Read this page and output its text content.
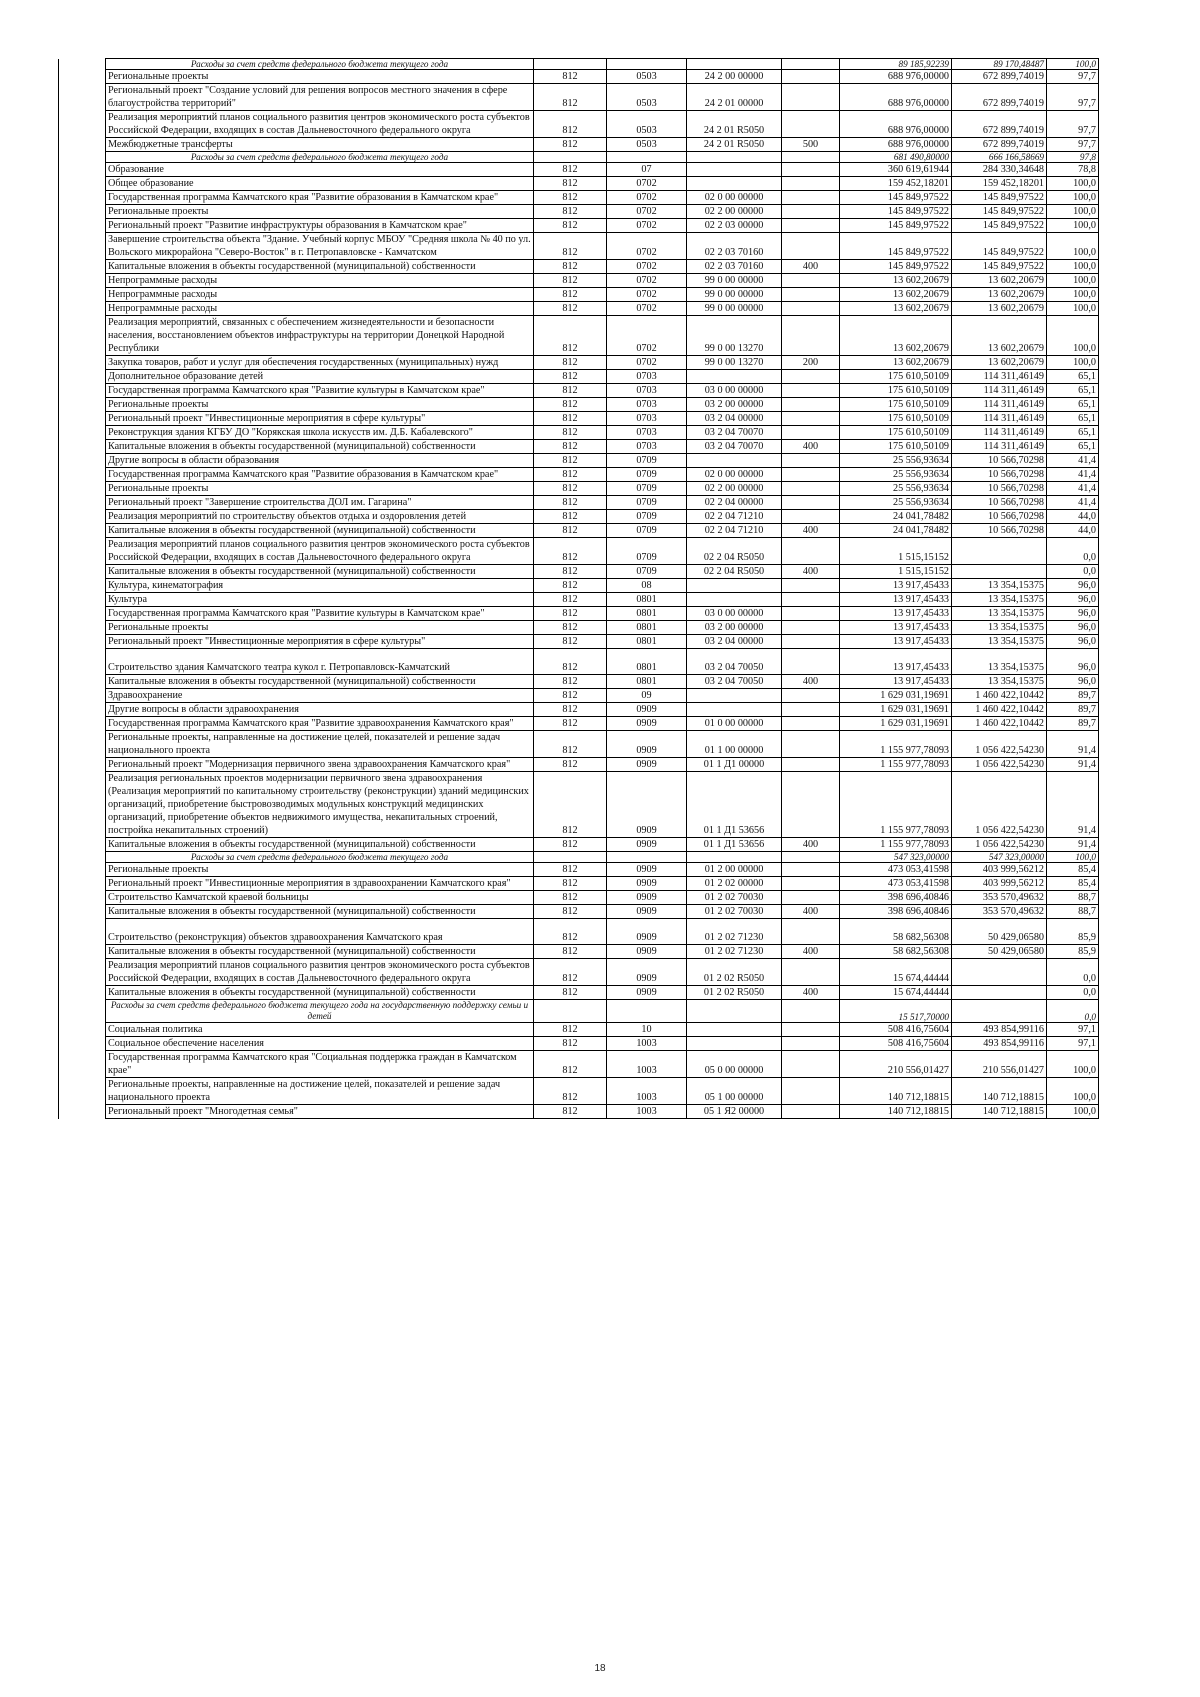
	Расходы за счет средств федерального бюджета текущего года					89 185,92239	89 170,48487	100,0
	Региональные проекты	812	0503	24 2 00 00000		688 976,00000	672 899,74019	97,7
	Региональный проект "Создание условий для решения вопросов местного значения в сфере благоустройства территорий"	812	0503	24 2 01 00000		688 976,00000	672 899,74019	97,7
	Реализация мероприятий планов социального развития центров экономического роста субъектов Российской Федерации, входящих в состав Дальневосточного федерального округа	812	0503	24 2 01 R5050		688 976,00000	672 899,74019	97,7
	Межбюджетные трансферты	812	0503	24 2 01 R5050	500	688 976,00000	672 899,74019	97,7
	Расходы за счет средств федерального бюджета текущего года					681 490,80000	666 166,58669	97,8
	Образование	812	07			360 619,61944	284 330,34648	78,8
	Общее образование	812	0702			159 452,18201	159 452,18201	100,0
	Государственная программа Камчатского края "Развитие образования в Камчатском крае"	812	0702	02 0 00 00000		145 849,97522	145 849,97522	100,0
	Региональные проекты	812	0702	02 2 00 00000		145 849,97522	145 849,97522	100,0
	Региональный проект "Развитие инфраструктуры образования в Камчатском крае"	812	0702	02 2 03 00000		145 849,97522	145 849,97522	100,0
	Завершение строительства объекта "Здание. Учебный корпус МБОУ "Средняя школа № 40 по ул. Вольского микрорайона "Северо-Восток" в г. Петропавловске - Камчатском	812	0702	02 2 03 70160		145 849,97522	145 849,97522	100,0
	Капитальные вложения в объекты государственной (муниципальной) собственности	812	0702	02 2 03 70160	400	145 849,97522	145 849,97522	100,0
	Непрограммные расходы	812	0702	99 0 00 00000		13 602,20679	13 602,20679	100,0
	Непрограммные расходы	812	0702	99 0 00 00000		13 602,20679	13 602,20679	100,0
	Непрограммные расходы	812	0702	99 0 00 00000		13 602,20679	13 602,20679	100,0
	Реализация мероприятий, связанных с обеспечением жизнедеятельности и безопасности населения, восстановлением объектов инфраструктуры на территории Донецкой Народной Республики	812	0702	99 0 00 13270		13 602,20679	13 602,20679	100,0
	Закупка товаров, работ и услуг для обеспечения государственных (муниципальных) нужд	812	0702	99 0 00 13270	200	13 602,20679	13 602,20679	100,0
	Дополнительное образование детей	812	0703			175 610,50109	114 311,46149	65,1
	Государственная программа Камчатского края "Развитие культуры в Камчатском крае"	812	0703	03 0 00 00000		175 610,50109	114 311,46149	65,1
	Региональные проекты	812	0703	03 2 00 00000		175 610,50109	114 311,46149	65,1
	Региональный проект "Инвестиционные мероприятия в сфере культуры"	812	0703	03 2 04 00000		175 610,50109	114 311,46149	65,1
	Реконструкция здания КГБУ ДО "Корякская школа искусств им. Д.Б. Кабалевского"	812	0703	03 2 04 70070		175 610,50109	114 311,46149	65,1
	Капитальные вложения в объекты государственной (муниципальной) собственности	812	0703	03 2 04 70070	400	175 610,50109	114 311,46149	65,1
	Другие вопросы в области образования	812	0709			25 556,93634	10 566,70298	41,4
	Государственная программа Камчатского края "Развитие образования в Камчатском крае"	812	0709	02 0 00 00000		25 556,93634	10 566,70298	41,4
	Региональные проекты	812	0709	02 2 00 00000		25 556,93634	10 566,70298	41,4
	Региональный проект "Завершение строительства ДОЛ им. Гагарина"	812	0709	02 2 04 00000		25 556,93634	10 566,70298	41,4
	Реализация мероприятий по строительству объектов отдыха и оздоровления детей	812	0709	02 2 04 71210		24 041,78482	10 566,70298	44,0
	Капитальные вложения в объекты государственной (муниципальной) собственности	812	0709	02 2 04 71210	400	24 041,78482	10 566,70298	44,0
	Реализация мероприятий планов социального развития центров экономического роста субъектов Российской Федерации, входящих в состав Дальневосточного федерального округа	812	0709	02 2 04 R5050		1 515,15152		0,0
	Капитальные вложения в объекты государственной (муниципальной) собственности	812	0709	02 2 04 R5050	400	1 515,15152		0,0
	Культура, кинематография	812	08			13 917,45433	13 354,15375	96,0
	Культура	812	0801			13 917,45433	13 354,15375	96,0
	Государственная программа Камчатского края "Развитие культуры в Камчатском крае"	812	0801	03 0 00 00000		13 917,45433	13 354,15375	96,0
	Региональные проекты	812	0801	03 2 00 00000		13 917,45433	13 354,15375	96,0
	Региональный проект "Инвестиционные мероприятия в сфере культуры"	812	0801	03 2 04 00000		13 917,45433	13 354,15375	96,0
	Строительство здания Камчатского театра кукол г. Петропавловск-Камчатский	812	0801	03 2 04 70050		13 917,45433	13 354,15375	96,0
	Капитальные вложения в объекты государственной (муниципальной) собственности	812	0801	03 2 04 70050	400	13 917,45433	13 354,15375	96,0
	Здравоохранение	812	09			1 629 031,19691	1 460 422,10442	89,7
	Другие вопросы в области здравоохранения	812	0909			1 629 031,19691	1 460 422,10442	89,7
	Государственная программа Камчатского края "Развитие здравоохранения Камчатского края"	812	0909	01 0 00 00000		1 629 031,19691	1 460 422,10442	89,7
	Региональные проекты, направленные на достижение целей, показателей и решение задач национального проекта	812	0909	01 1 00 00000		1 155 977,78093	1 056 422,54230	91,4
	Региональный проект "Модернизация первичного звена здравоохранения Камчатского края"	812	0909	01 1 Д1 00000		1 155 977,78093	1 056 422,54230	91,4
	Реализация региональных проектов модернизации первичного звена здравоохранения (Реализация мероприятий по капитальному строительству (реконструкции) зданий медицинских организаций, приобретение быстровозводимых модульных конструкций медицинских организаций, приобретение объектов недвижимого имущества, некапитальных строений, постройка некапитальных строений)	812	0909	01 1 Д1 53656		1 155 977,78093	1 056 422,54230	91,4
	Капитальные вложения в объекты государственной (муниципальной) собственности	812	0909	01 1 Д1 53656	400	1 155 977,78093	1 056 422,54230	91,4
	Расходы за счет средств федерального бюджета текущего года					547 323,00000	547 323,00000	100,0
	Региональные проекты	812	0909	01 2 00 00000		473 053,41598	403 999,56212	85,4
	Региональный проект "Инвестиционные мероприятия в здравоохранении Камчатского края"	812	0909	01 2 02 00000		473 053,41598	403 999,56212	85,4
	Строительство Камчатской краевой больницы	812	0909	01 2 02 70030		398 696,40846	353 570,49632	88,7
	Капитальные вложения в объекты государственной (муниципальной) собственности	812	0909	01 2 02 70030	400	398 696,40846	353 570,49632	88,7
	Строительство (реконструкция) объектов здравоохранения Камчатского края	812	0909	01 2 02 71230		58 682,56308	50 429,06580	85,9
	Капитальные вложения в объекты государственной (муниципальной) собственности	812	0909	01 2 02 71230	400	58 682,56308	50 429,06580	85,9
	Реализация мероприятий планов социального развития центров экономического роста субъектов Российской Федерации, входящих в состав Дальневосточного федерального округа	812	0909	01 2 02 R5050		15 674,44444		0,0
	Капитальные вложения в объекты государственной (муниципальной) собственности	812	0909	01 2 02 R5050	400	15 674,44444		0,0
	Расходы за счет средств федерального бюджета текущего года на государственную поддержку семьи и детей					15 517,70000		0,0
	Социальная политика	812	10			508 416,75604	493 854,99116	97,1
	Социальное обеспечение населения	812	1003			508 416,75604	493 854,99116	97,1
	Государственная программа Камчатского края "Социальная поддержка граждан в Камчатском крае"	812	1003	05 0 00 00000		210 556,01427	210 556,01427	100,0
	Региональные проекты, направленные на достижение целей, показателей и решение задач национального проекта	812	1003	05 1 00 00000		140 712,18815	140 712,18815	100,0
	Региональный проект "Многодетная семья"	812	1003	05 1 Я2 00000		140 712,18815	140 712,18815	100,0
18
